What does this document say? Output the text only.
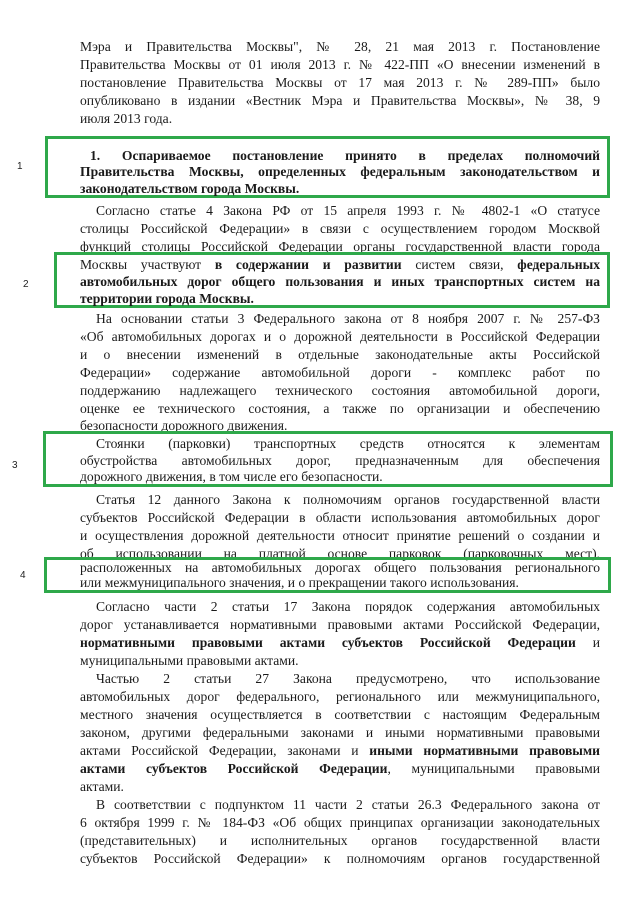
Мэра и Правительства Москвы", № 28, 21 мая 2013 г. Постановление
Правительства Москвы от 01 июля 2013 г. № 422-ПП «О внесении изменений в
постановление Правительства Москвы от 17 мая 2013 г. № 289-ПП» было
опубликовано в издании «Вестник Мэра и Правительства Москвы», № 38, 9
июля 2013 года.
1
1. Оспариваемое постановление принято в пределах полномочий
Правительства Москвы, определенных федеральным законодательством и
законодательством города Москвы.
Согласно статье 4 Закона РФ от 15 апреля 1993 г. № 4802-1 «О статусе
столицы Российской Федерации» в связи с осуществлением городом Москвой
функций столицы Российской Федерации органы государственной власти города
2
Москвы участвуют в содержании и развитии систем связи, федеральных
автомобильных дорог общего пользования и иных транспортных систем на
территории города Москвы.
На основании статьи 3 Федерального закона от 8 ноября 2007 г. № 257-ФЗ
«Об автомобильных дорогах и о дорожной деятельности в Российской Федерации
и о внесении изменений в отдельные законодательные акты Российской
Федерации» содержание автомобильной дороги - комплекс работ по
поддержанию надлежащего технического состояния автомобильной дороги,
оценке ее технического состояния, а также по организации и обеспечению
безопасности дорожного движения.
3
Стоянки (парковки) транспортных средств относятся к элементам
обустройства автомобильных дорог, предназначенным для обеспечения
дорожного движения, в том числе его безопасности.
Статья 12 данного Закона к полномочиям органов государственной власти
субъектов Российской Федерации в области использования автомобильных дорог
и осуществления дорожной деятельности относит принятие решений о создании и
об использовании на платной основе парковок (парковочных мест),
4
расположенных на автомобильных дорогах общего пользования регионального
или межмуниципального значения, и о прекращении такого использования.
Согласно части 2 статьи 17 Закона порядок содержания автомобильных
дорог устанавливается нормативными правовыми актами Российской Федерации,
нормативными правовыми актами субъектов Российской Федерации и
муниципальными правовыми актами.
Частью 2 статьи 27 Закона предусмотрено, что использование
автомобильных дорог федерального, регионального или межмуниципального,
местного значения осуществляется в соответствии с настоящим Федеральным
законом, другими федеральными законами и иными нормативными правовыми
актами Российской Федерации, законами и иными нормативными правовыми
актами субъектов Российской Федерации, муниципальными правовыми
актами.
В соответствии с подпунктом 11 части 2 статьи 26.3 Федерального закона от
6 октября 1999 г. № 184-ФЗ «Об общих принципах организации законодательных
(представительных) и исполнительных органов государственной власти
субъектов Российской Федерации» к полномочиям органов государственной
